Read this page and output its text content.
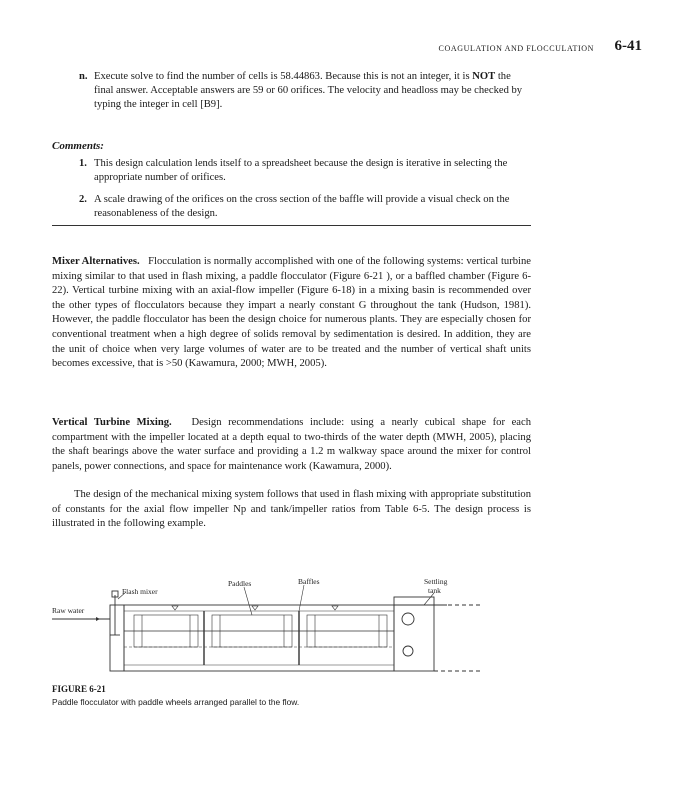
COAGULATION AND FLOCCULATION 6-41
n. Execute solve to find the number of cells is 58.44863. Because this is not an integer, it is NOT the final answer. Acceptable answers are 59 or 60 orifices. The velocity and headloss may be checked by typing the integer in cell [B9].
Comments:
1. This design calculation lends itself to a spreadsheet because the design is iterative in selecting the appropriate number of orifices.
2. A scale drawing of the orifices on the cross section of the baffle will provide a visual check on the reasonableness of the design.
Mixer Alternatives. Flocculation is normally accomplished with one of the following systems: vertical turbine mixing similar to that used in flash mixing, a paddle flocculator (Figure 6-21 ), or a baffled chamber (Figure 6-22). Vertical turbine mixing with an axial-flow impeller (Figure 6-18) in a mixing basin is recommended over the other types of flocculators because they impart a nearly constant G throughout the tank (Hudson, 1981). However, the paddle flocculator has been the design choice for numerous plants. They are especially chosen for conventional treatment when a high degree of solids removal by sedimentation is desired. In addition, they are the unit of choice when very large volumes of water are to be treated and the number of vertical shaft units becomes excessive, that is >50 (Kawamura, 2000; MWH, 2005).
Vertical Turbine Mixing. Design recommendations include: using a nearly cubical shape for each compartment with the impeller located at a depth equal to two-thirds of the water depth (MWH, 2005), placing the shaft bearings above the water surface and providing a 1.2 m walkway space around the mixer for control panels, power connections, and space for maintenance work (Kawamura, 2000).
The design of the mechanical mixing system follows that used in flash mixing with appropriate substitution of constants for the axial flow impeller Np and tank/impeller ratios from Table 6-5. The design process is illustrated in the following example.
Flash mixer
Paddles	Baffles	Settling
tank
Raw water
FIGURE 6-21
Paddle flocculator with paddle wheels arranged parallel to the flow.
